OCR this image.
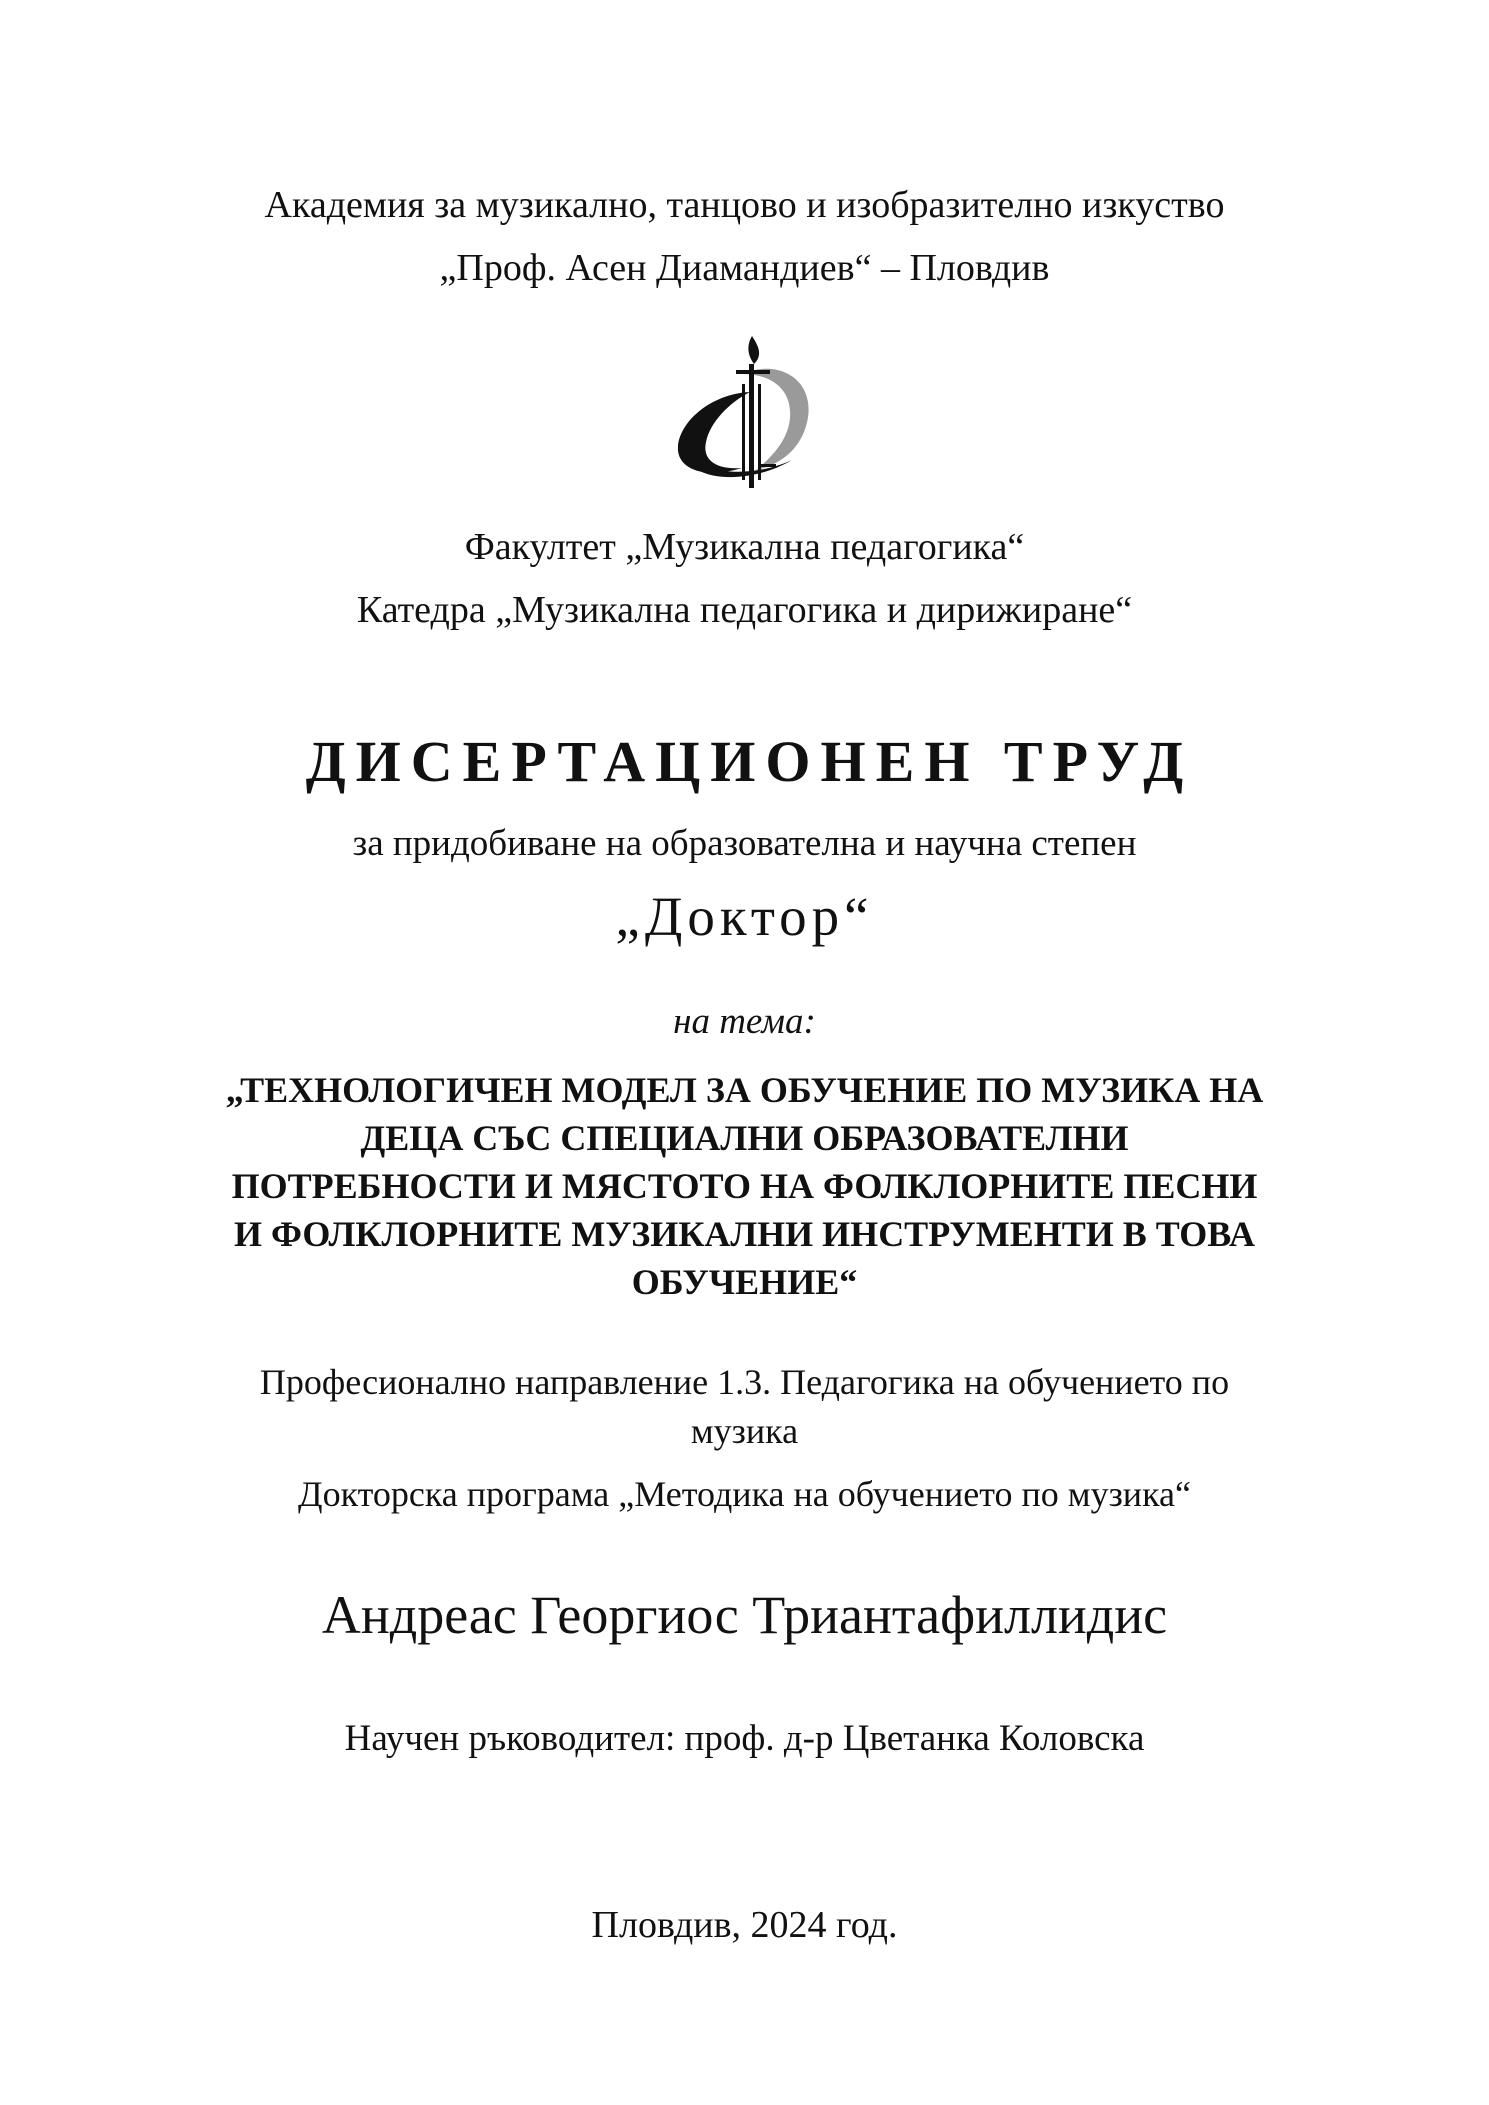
Академия за музикално, танцово и изобразително изкуство
„Проф. Асен Диамандиев“ – Пловдив
Факултет „Музикална педагогика“
Катедра „Музикална педагогика и дирижиране“
ДИСЕРТАЦИОНЕН ТРУД
за придобиване на образователна и научна степен
„Доктор“
на тема:
„ТЕХНОЛОГИЧЕН МОДЕЛ ЗА ОБУЧЕНИЕ ПО МУЗИКА НА
ДЕЦА СЪС СПЕЦИАЛНИ ОБРАЗОВАТЕЛНИ
ПОТРЕБНОСТИ И МЯСТОТО НА ФОЛКЛОРНИТЕ ПЕСНИ
И ФОЛКЛОРНИТЕ МУЗИКАЛНИ ИНСТРУМЕНТИ В ТОВА
ОБУЧЕНИЕ“
Професионално направление 1.3. Педагогика на обучението по
музика
Докторска програма „Методика на обучението по музика“
Андреас Георгиос Триантафиллидис
Научен ръководител: проф. д-р Цветанка Коловска
Пловдив, 2024 год.
